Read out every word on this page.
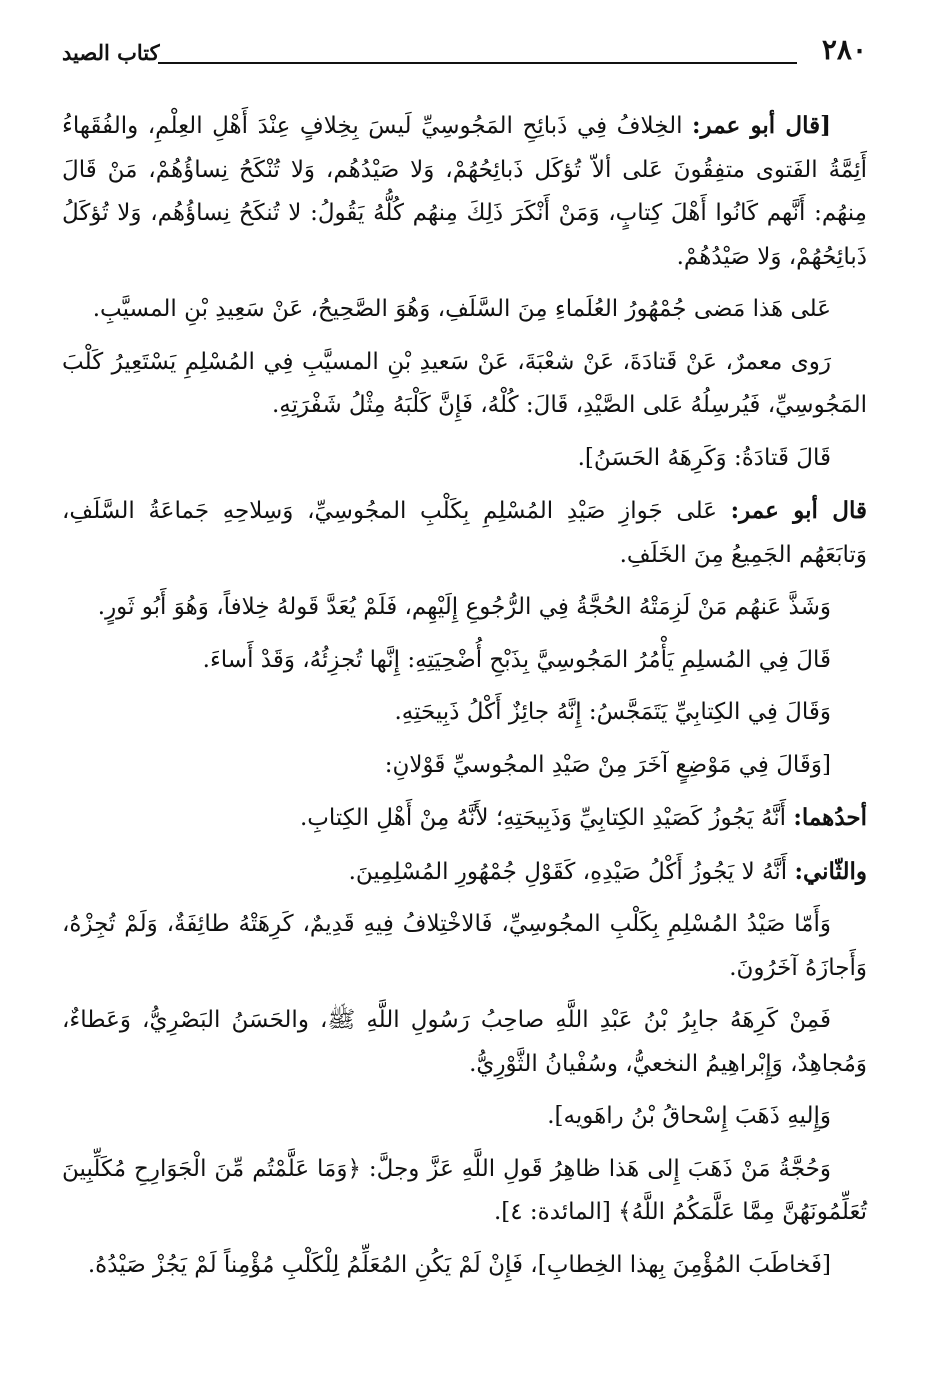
٢٨٠
كتاب الصيد

[قال أبو عمر: الخِلافُ فِي ذَبائِحِ المَجُوسِيِّ لَيسَ بِخِلافٍ عِنْدَ أَهْلِ العِلْمِ، والفُقَهاءُ أَئِمَّةُ الفَتوى متفِقُونَ عَلى ألاّ تُؤكَل ذَبائِحُهُمْ، وَلا صَيْدُهُم، وَلا تُنْكَحُ نِساؤُهُمْ، مَنْ قَالَ مِنهُم: أَنَّهم كَانُوا أَهْلَ كِتابٍ، وَمَنْ أَنْكَرَ ذَلِكَ مِنهُم كُلُّهُ يَقُولُ: لا تُنكَحُ نِساؤُهُم، وَلا تُؤكَلُ ذَبائِحُهُمْ، وَلا صَيْدُهُمْ.

عَلى هَذا مَضى جُمْهُورُ العُلَماءِ مِنَ السَّلَفِ، وَهُوَ الصَّحِيحُ، عَنْ سَعِيدِ بْنِ المسيَّبِ.

رَوى معمرٌ، عَنْ قَتادَةَ، عَنْ شعْبَةَ، عَنْ سَعيدِ بْنِ المسيَّبِ فِي المُسْلِمِ يَسْتَعِيرُ كَلْبَ المَجُوسِيِّ، فَيُرسِلُهُ عَلى الصَّيْدِ، قَالَ: كُلْهُ، فَإِنَّ كَلْبَهُ مِثْلُ شَفْرَتِهِ.

قَالَ قَتادَةُ: وَكَرِهَهُ الحَسَنُ].

قال أبو عمر: عَلى جَوازِ صَيْدِ المُسْلِمِ بِكَلْبِ المجُوسِيِّ، وَسِلاحِهِ جَماعَةُ السَّلَفِ، وَتابَعَهُم الجَمِيعُ مِنَ الخَلَفِ.

وَشَذَّ عَنهُم مَنْ لَزِمَتْهُ الحُجَّةُ فِي الرُّجُوعِ إِلَيْهِم، فَلَمْ يُعَدَّ قَولهُ خِلافاً، وَهُوَ أَبُو ثَورٍ.

قَالَ فِي المُسلِمِ يَأْمُرُ المَجُوسِيَّ بِذَبْحِ أُضْحِيَتِهِ: إِنَّها تُجزِئُهُ، وَقَدْ أَساءَ.

وَقَالَ فِي الكِتابِيِّ يَتَمَجَّسُ: إِنَّهُ جائِزٌ أَكْلُ ذَبِيحَتِهِ.

[وَقَالَ فِي مَوْضِعٍ آخَرَ مِنْ صَيْدِ المجُوسيِّ قَوْلانِ:

أحدُهما: أَنَّهُ يَجُوزُ كَصَيْدِ الكِتابِيِّ وَذَبِيحَتِهِ؛ لأَنَّهُ مِنْ أَهْلِ الكِتابِ.

والثّاني: أَنَّهُ لا يَجُوزُ أَكْلُ صَيْدِهِ، كَقَوْلِ جُمْهُورِ المُسْلِمِينَ.

وَأَمّا صَيْدُ المُسْلِمِ بِكَلْبِ المجُوسِيِّ، فَالاخْتِلافُ فِيهِ قَدِيمٌ، كَرِهَتْهُ طائِفَةٌ، وَلَمْ تُجِزْهُ، وَأَجازَهُ آخَرُونَ.

فَمِنْ كَرِهَهُ جابِرُ بْنُ عَبْدِ اللَّهِ صاحِبُ رَسُولِ اللَّهِ ﷺ، والحَسَنُ البَصْرِيُّ، وَعَطاءٌ، وَمُجاهِدٌ، وَإِبْراهِيمُ النخعيُّ، وسُفْيانُ الثَّوْرِيُّ.

وَإِليهِ ذَهَبَ إِسْحاقُ بْنُ راهَويه].

وَحُجَّةُ مَنْ ذَهَبَ إِلى هَذا ظاهِرُ قَولِ اللَّهِ عَزَّ وجلَّ: ﴿وَمَا عَلَّمْتُم مِّنَ الْجَوَارِحِ مُكَلِّبِينَ تُعَلِّمُونَهُنَّ مِمَّا عَلَّمَكُمُ اللَّهُ﴾ [المائدة: ٤].

[فَخاطَبَ المُؤْمِنَ بِهذا الخِطابِ]، فَإِنْ لَمْ يَكُنِ المُعَلِّمُ لِلْكَلْبِ مُؤْمِناً لَمْ يَجُزْ صَيْدُهُ.
